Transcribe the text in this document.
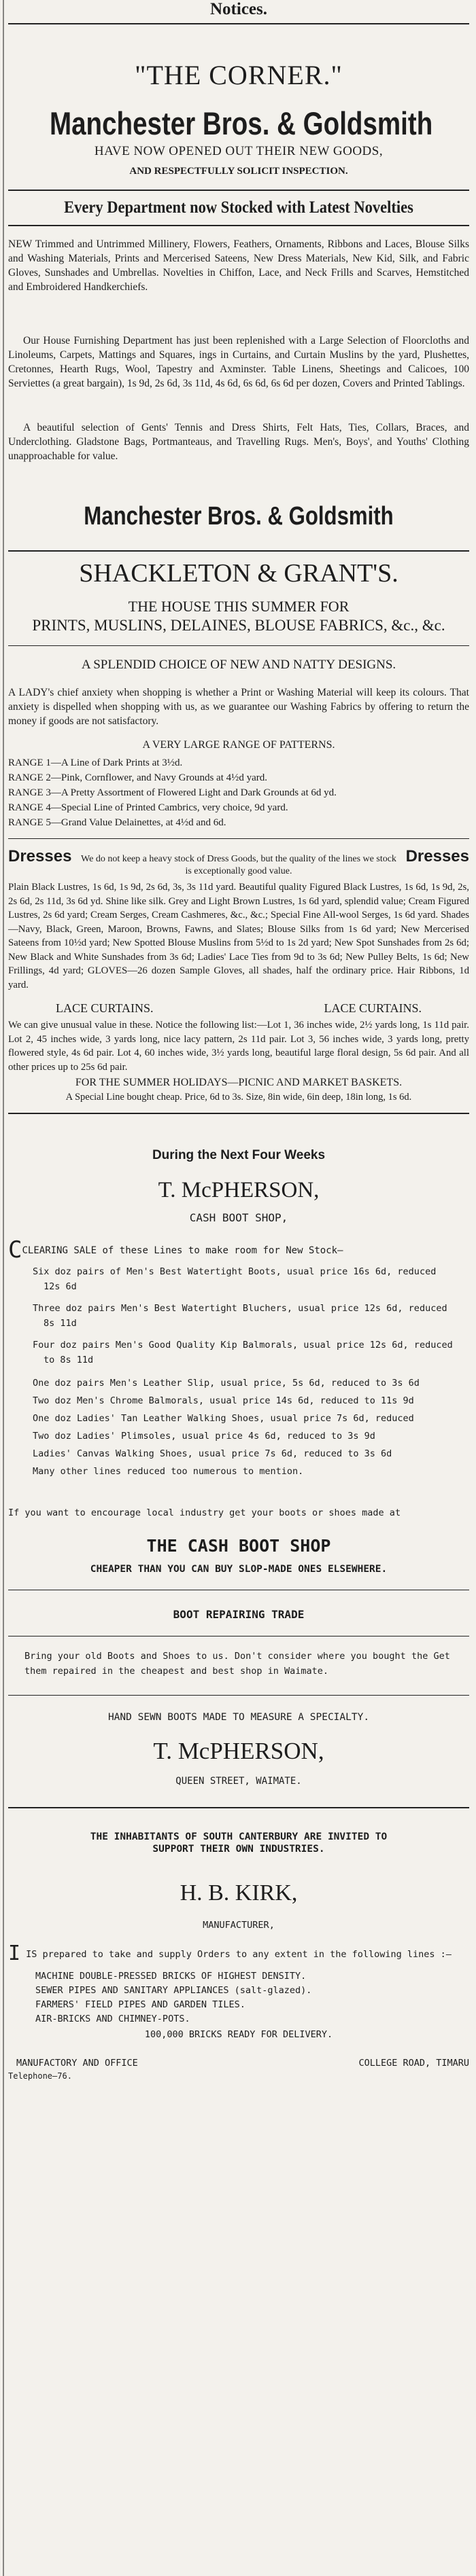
Notices.
"THE CORNER."
Manchester Bros. & Goldsmith
HAVE NOW OPENED OUT THEIR NEW GOODS,
AND RESPECTFULLY SOLICIT INSPECTION.
Every Department now Stocked with Latest Novelties

NEW Trimmed and Untrimmed Millinery, Flowers, Feathers, Ornaments, Ribbons and Laces, Blouse Silks and Washing Materials, Prints and Mercerised Sateens, New Dress Materials, New Kid, Silk, and Fabric Gloves, Sunshades and Umbrellas. Novelties in Chiffon, Lace, and Neck Frills and Scarves, Hemstitched and Embroidered Handkerchiefs.

Our House Furnishing Department has just been replenished with a Large Selection of Floorcloths and Linoleums, Carpets, Mattings and Squares, ings in Curtains, and Curtain Muslins by the yard, Plushettes, Cretonnes, Hearth Rugs, Wool, Tapestry and Axminster. Table Linens, Sheetings and Calicoes, 100 Serviettes (a great bargain), 1s 9d, 2s 6d, 3s 11d, 4s 6d, 6s 6d, 6s 6d per dozen, Covers and Printed Tablings.

A beautiful selection of Gents' Tennis and Dress Shirts, Felt Hats, Ties, Collars, Braces, and Underclothing. Gladstone Bags, Portmanteaus, and Travelling Rugs. Men's, Boys', and Youths' Clothing unapproachable for value.

Manchester Bros. & Goldsmith
SHACKLETON & GRANT'S.
THE HOUSE THIS SUMMER FOR
PRINTS, MUSLINS, DELAINES, BLOUSE FABRICS, &c., &c.
A SPLENDID CHOICE OF NEW AND NATTY DESIGNS.

A LADY's chief anxiety when shopping is whether a Print or Washing Material will keep its colours. That anxiety is dispelled when shopping with us, as we guarantee our Washing Fabrics by offering to return the money if goods are not satisfactory.

A VERY LARGE RANGE OF PATTERNS.
RANGE 1—A Line of Dark Prints at 3½d.
RANGE 2—Pink, Cornflower, and Navy Grounds at 4½d yard.
RANGE 3—A Pretty Assortment of Flowered Light and Dark Grounds at 6d yd.
RANGE 4—Special Line of Printed Cambrics, very choice, 9d yard.
RANGE 5—Grand Value Delainettes, at 4½d and 6d.
Dresses We do not keep a heavy stock of Dress Goods, but the quality of the lines we stock is exceptionally good value.
Dresses

Plain Black Lustres, 1s 6d, 1s 9d, 2s 6d, 3s, 3s 11d yard. Beautiful quality Figured Black Lustres, 1s 6d, 1s 9d, 2s, 2s 6d, 2s 11d, 3s 6d yd. Shine like silk. Grey and Light Brown Lustres, 1s 6d yard, splendid value; Cream Figured Lustres, 2s 6d yard; Cream Serges, Cream Cashmeres, &c., &c.; Special Fine All-wool Serges, 1s 6d yard. Shades—Navy, Black, Green, Maroon, Browns, Fawns, and Slates; Blouse Silks from 1s 6d yard; New Mercerised Sateens from 10½d yard; New Spotted Blouse Muslins from 5½d to 1s 2d yard; New Spot Sunshades from 2s 6d; New Black and White Sunshades from 3s 6d; Ladies' Lace Ties from 9d to 3s 6d; New Pulley Belts, 1s 6d; New Frillings, 4d yard; GLOVES—26 dozen Sample Gloves, all shades, half the ordinary price. Hair Ribbons, 1d yard.

LACE CURTAINS.	LACE CURTAINS.

We can give unusual value in these. Notice the following list:—Lot 1, 36 inches wide, 2½ yards long, 1s 11d pair. Lot 2, 45 inches wide, 3 yards long, nice lacy pattern, 2s 11d pair. Lot 3, 56 inches wide, 3 yards long, pretty flowered style, 4s 6d pair. Lot 4, 60 inches wide, 3½ yards long, beautiful large floral design, 5s 6d pair. And all other prices up to 25s 6d pair.

FOR THE SUMMER HOLIDAYS—PICNIC AND MARKET BASKETS.
A Special Line bought cheap. Price, 6d to 3s. Size, 8in wide, 6in deep, 18in long, 1s 6d.
During the Next Four Weeks
T. McPHERSON,
CASH BOOT SHOP,
CCLEARING SALE of these Lines to make room for New Stock—
Six doz pairs of Men's Best Watertight Boots, usual price 16s 6d, reduced
12s 6d
Three doz pairs Men's Best Watertight Bluchers, usual price 12s 6d, reduced
8s 11d
Four doz pairs Men's Good Quality Kip Balmorals, usual price 12s 6d, reduced
to 8s 11d
One doz pairs Men's Leather Slip, usual price, 5s 6d, reduced to 3s 6d
Two doz Men's Chrome Balmorals, usual price 14s 6d, reduced to 11s 9d
One doz Ladies' Tan Leather Walking Shoes, usual price 7s 6d, reduced
Two doz Ladies' Plimsoles, usual price 4s 6d, reduced to 3s 9d
Ladies' Canvas Walking Shoes, usual price 7s 6d, reduced to 3s 6d
Many other lines reduced too numerous to mention.
If you want to encourage local industry get your boots or shoes made at
THE CASH BOOT SHOP
CHEAPER THAN YOU CAN BUY SLOP-MADE ONES ELSEWHERE.
BOOT REPAIRING TRADE

Bring your old Boots and Shoes to us. Don't consider where you bought the Get them repaired in the cheapest and best shop in Waimate.

HAND SEWN BOOTS MADE TO MEASURE A SPECIALTY.
T. McPHERSON,
QUEEN STREET, WAIMATE.
THE INHABITANTS OF SOUTH CANTERBURY ARE INVITED TO
SUPPORT THEIR OWN INDUSTRIES.
H. B. KIRK,
MANUFACTURER,
IIS prepared to take and supply Orders to any extent in the following lines :—
MACHINE DOUBLE-PRESSED BRICKS OF HIGHEST DENSITY.
SEWER PIPES AND SANITARY APPLIANCES (salt-glazed).
FARMERS' FIELD PIPES AND GARDEN TILES.
AIR-BRICKS AND CHIMNEY-POTS.
100,000 BRICKS READY FOR DELIVERY.
MANUFACTORY AND OFFICE	COLLEGE ROAD, TIMARU
Telephone—76.
